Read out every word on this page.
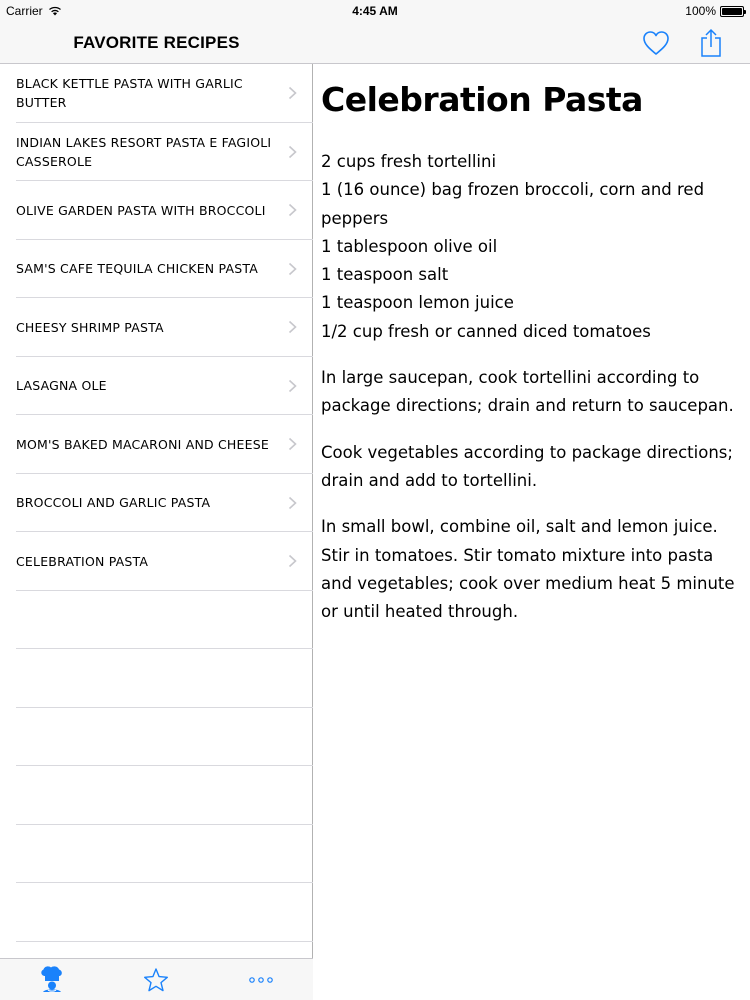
FAVORITE RECIPES
BLACK KETTLE PASTA WITH GARLIC BUTTER
INDIAN LAKES RESORT PASTA E FAGIOLI CASSEROLE
OLIVE GARDEN PASTA WITH BROCCOLI
SAM'S CAFE TEQUILA CHICKEN PASTA
CHEESY SHRIMP PASTA
LASAGNA OLE
MOM'S BAKED MACARONI AND CHEESE
BROCCOLI AND GARLIC PASTA
CELEBRATION PASTA
Celebration Pasta
2 cups fresh tortellini
1 (16 ounce) bag frozen broccoli, corn and red peppers
1 tablespoon olive oil
1 teaspoon salt
1 teaspoon lemon juice
1/2 cup fresh or canned diced tomatoes
In large saucepan, cook tortellini according to package directions; drain and return to saucepan.
Cook vegetables according to package directions; drain and add to tortellini.
In small bowl, combine oil, salt and lemon juice. Stir in tomatoes. Stir tomato mixture into pasta and vegetables; cook over medium heat 5 minute or until heated through.
Carrier	4:45 AM	100%
